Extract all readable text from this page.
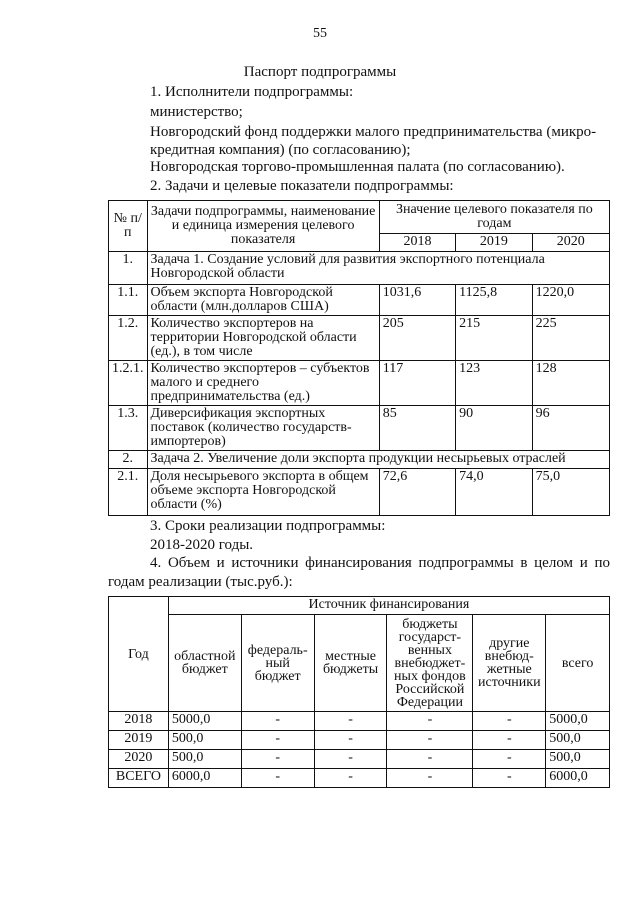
55
Паспорт подпрограммы
1. Исполнители подпрограммы:
министерство;
Новгородский фонд поддержки малого предпринимательства (микро-
кредитная компания) (по согласованию);
Новгородская торгово-промышленная палата (по согласованию).
2. Задачи и целевые показатели подпрограммы:
№ п/п	Задачи подпрограммы, наименование и единица измерения целевого показателя	Значение целевого показателя по годам		
		2018	2019	2020
1.	Задача 1. Создание условий для развития экспортного потенциала Новгородской области			
1.1.	Объем экспорта Новгородской области (млн.долларов США)	1031,6	1125,8	1220,0
1.2.	Количество экспортеров на территории Новгородской области (ед.), в том числе	205	215	225
1.2.1.	Количество экспортеров – субъектов малого и среднего предпринимательства (ед.)	117	123	128
1.3.	Диверсификация экспортных поставок (количество государств-импортеров)	85	90	96
2.	Задача 2. Увеличение доли экспорта продукции несырьевых отраслей			
2.1.	Доля несырьевого экспорта в общем объеме экспорта Новгородской области (%)	72,6	74,0	75,0
3. Сроки реализации подпрограммы:
2018-2020 годы.
4. Объем и источники финансирования подпрограммы в целом и по
годам реализации (тыс.руб.):
Год	Источник финансирования					
	областной бюджет	федераль-ный бюджет	местные бюджеты	бюджеты государст-венных внебюджет-ных фондов Российской Федерации	другие внебюд-жетные источники	всего
2018	5000,0	-	-	-	-	5000,0
2019	500,0	-	-	-	-	500,0
2020	500,0	-	-	-	-	500,0
ВСЕГО	6000,0	-	-	-	-	6000,0
